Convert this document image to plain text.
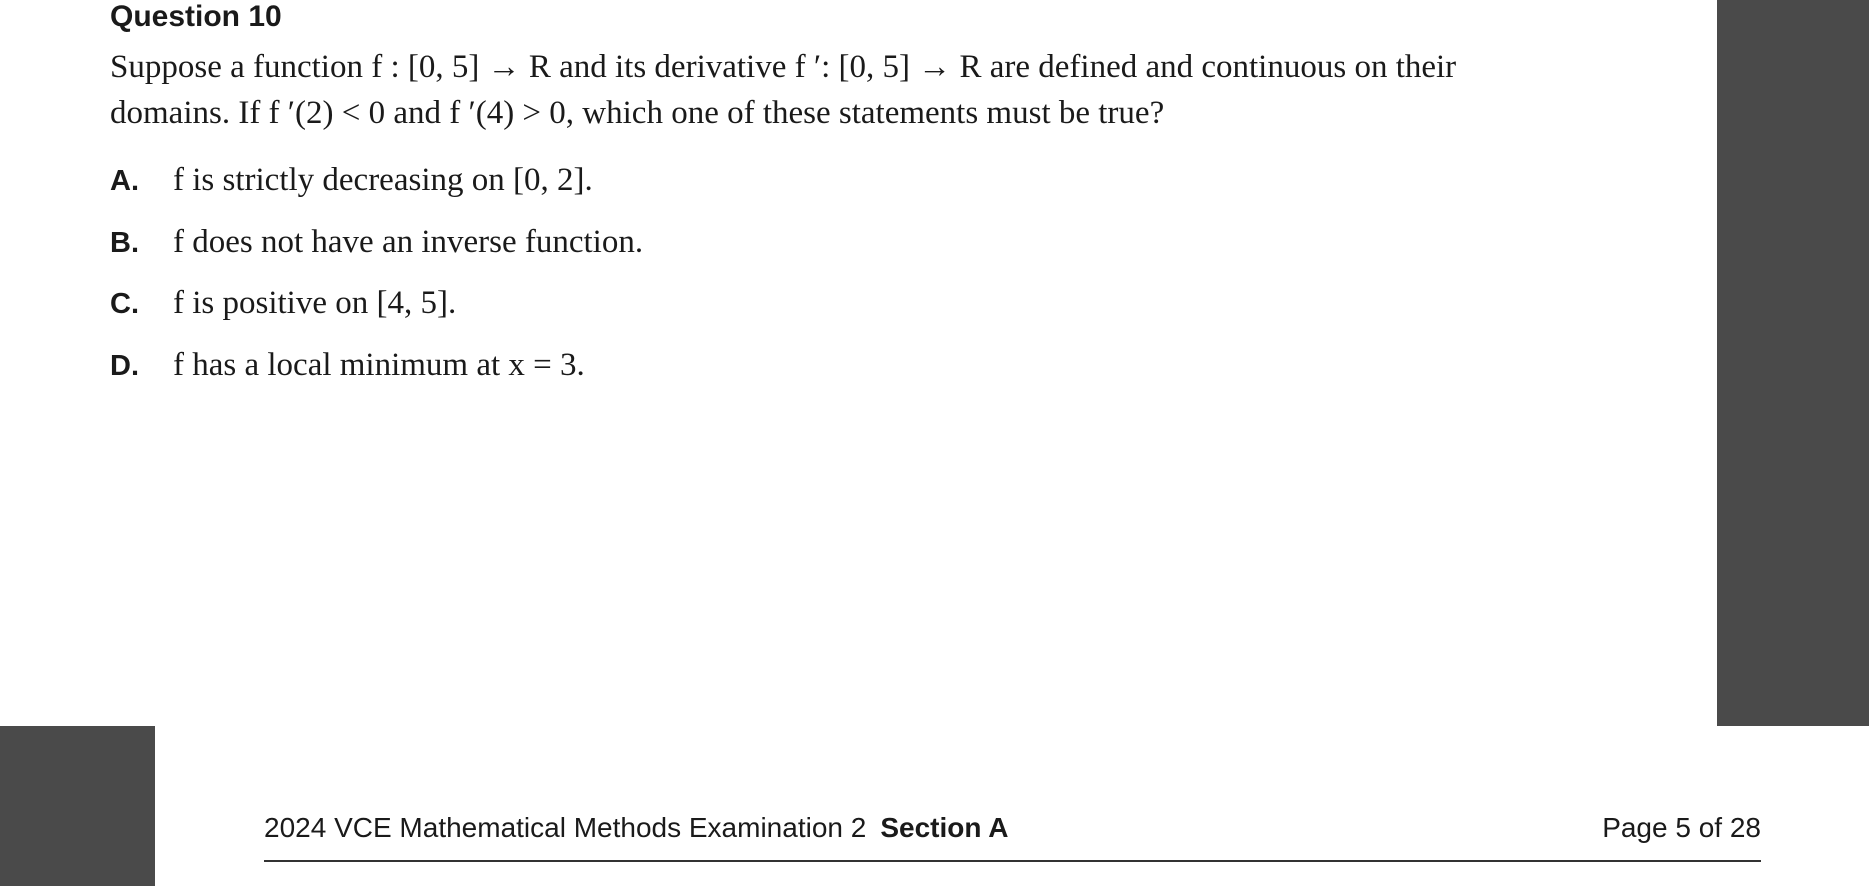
Question 10

Suppose a function f : [0, 5] → R and its derivative f ′: [0, 5] → R are defined and continuous on their
domains. If f ′(2) < 0 and f ′(4) > 0, which one of these statements must be true?

A.	f is strictly decreasing on [0, 2].
B.	f does not have an inverse function.
C.	f is positive on [4, 5].
D.	f has a local minimum at x = 3.
2024 VCE Mathematical Methods Examination 2 Section A	Page 5 of 28
